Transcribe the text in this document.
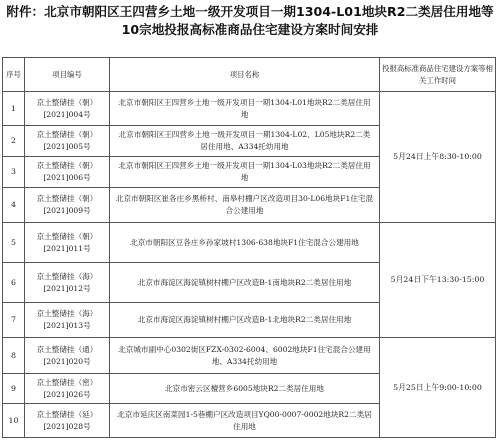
附件：北京市朝阳区王四营乡土地一级开发项目一期1304-L01地块R2二类居住用地等10宗地投报高标准商品住宅建设方案时间安排
序号	项目编号	项目名称	投报高标准商品住宅建设方案等相关工作时间
1	京土整储挂（朝）[2021]004号	北京市朝阳区王四营乡土地一级开发项目一期1304-L01地块R2二类居住用地	5月24日上午8:30-10:00
2	京土整储挂（朝）[2021]005号	北京市朝阳区王四营乡土地一级开发项目一期1304-L02、L05地块R2二类居住用地、A334托幼用地	
3	京土整储挂（朝）[2021]006号	北京市朝阳区王四营乡土地一级开发项目一期1304-L03地块R2二类居住用地	
4	京土整储挂（朝）[2021]009号	北京市朝阳区崔各庄乡黑桥村、南皋村棚户区改造项目30-L06地块F1住宅混合公建用地	
5	京土整储挂（朝）[2021]011号	北京市朝阳区豆各庄乡孙家坡村1306-638地块F1住宅混合公建用地	5月24日下午13:30-15:00
6	京土整储挂（海）[2021]012号	北京市海淀区海淀镇树村棚户区改造B-1南地块R2二类居住用地	
7	京土整储挂（海）[2021]013号	北京市海淀区海淀镇树村棚户区改造B-1北地块R2二类居住用地	
8	京土整储挂（通）[2021]020号	北京城市副中心0302街区FZX-0302-6004、6002地块F1住宅混合公建用地、A334托幼用地	5月25日上午9:00-10:00
9	京土整储挂（密）[2021]026号	北京市密云区檀营乡6005地块R2二类居住用地	
10	京土整储挂（延）[2021]028号	北京市延庆区南菜园1-5巷棚户区改造项目YQ00-0007-0002地块R2二类居住用地	
